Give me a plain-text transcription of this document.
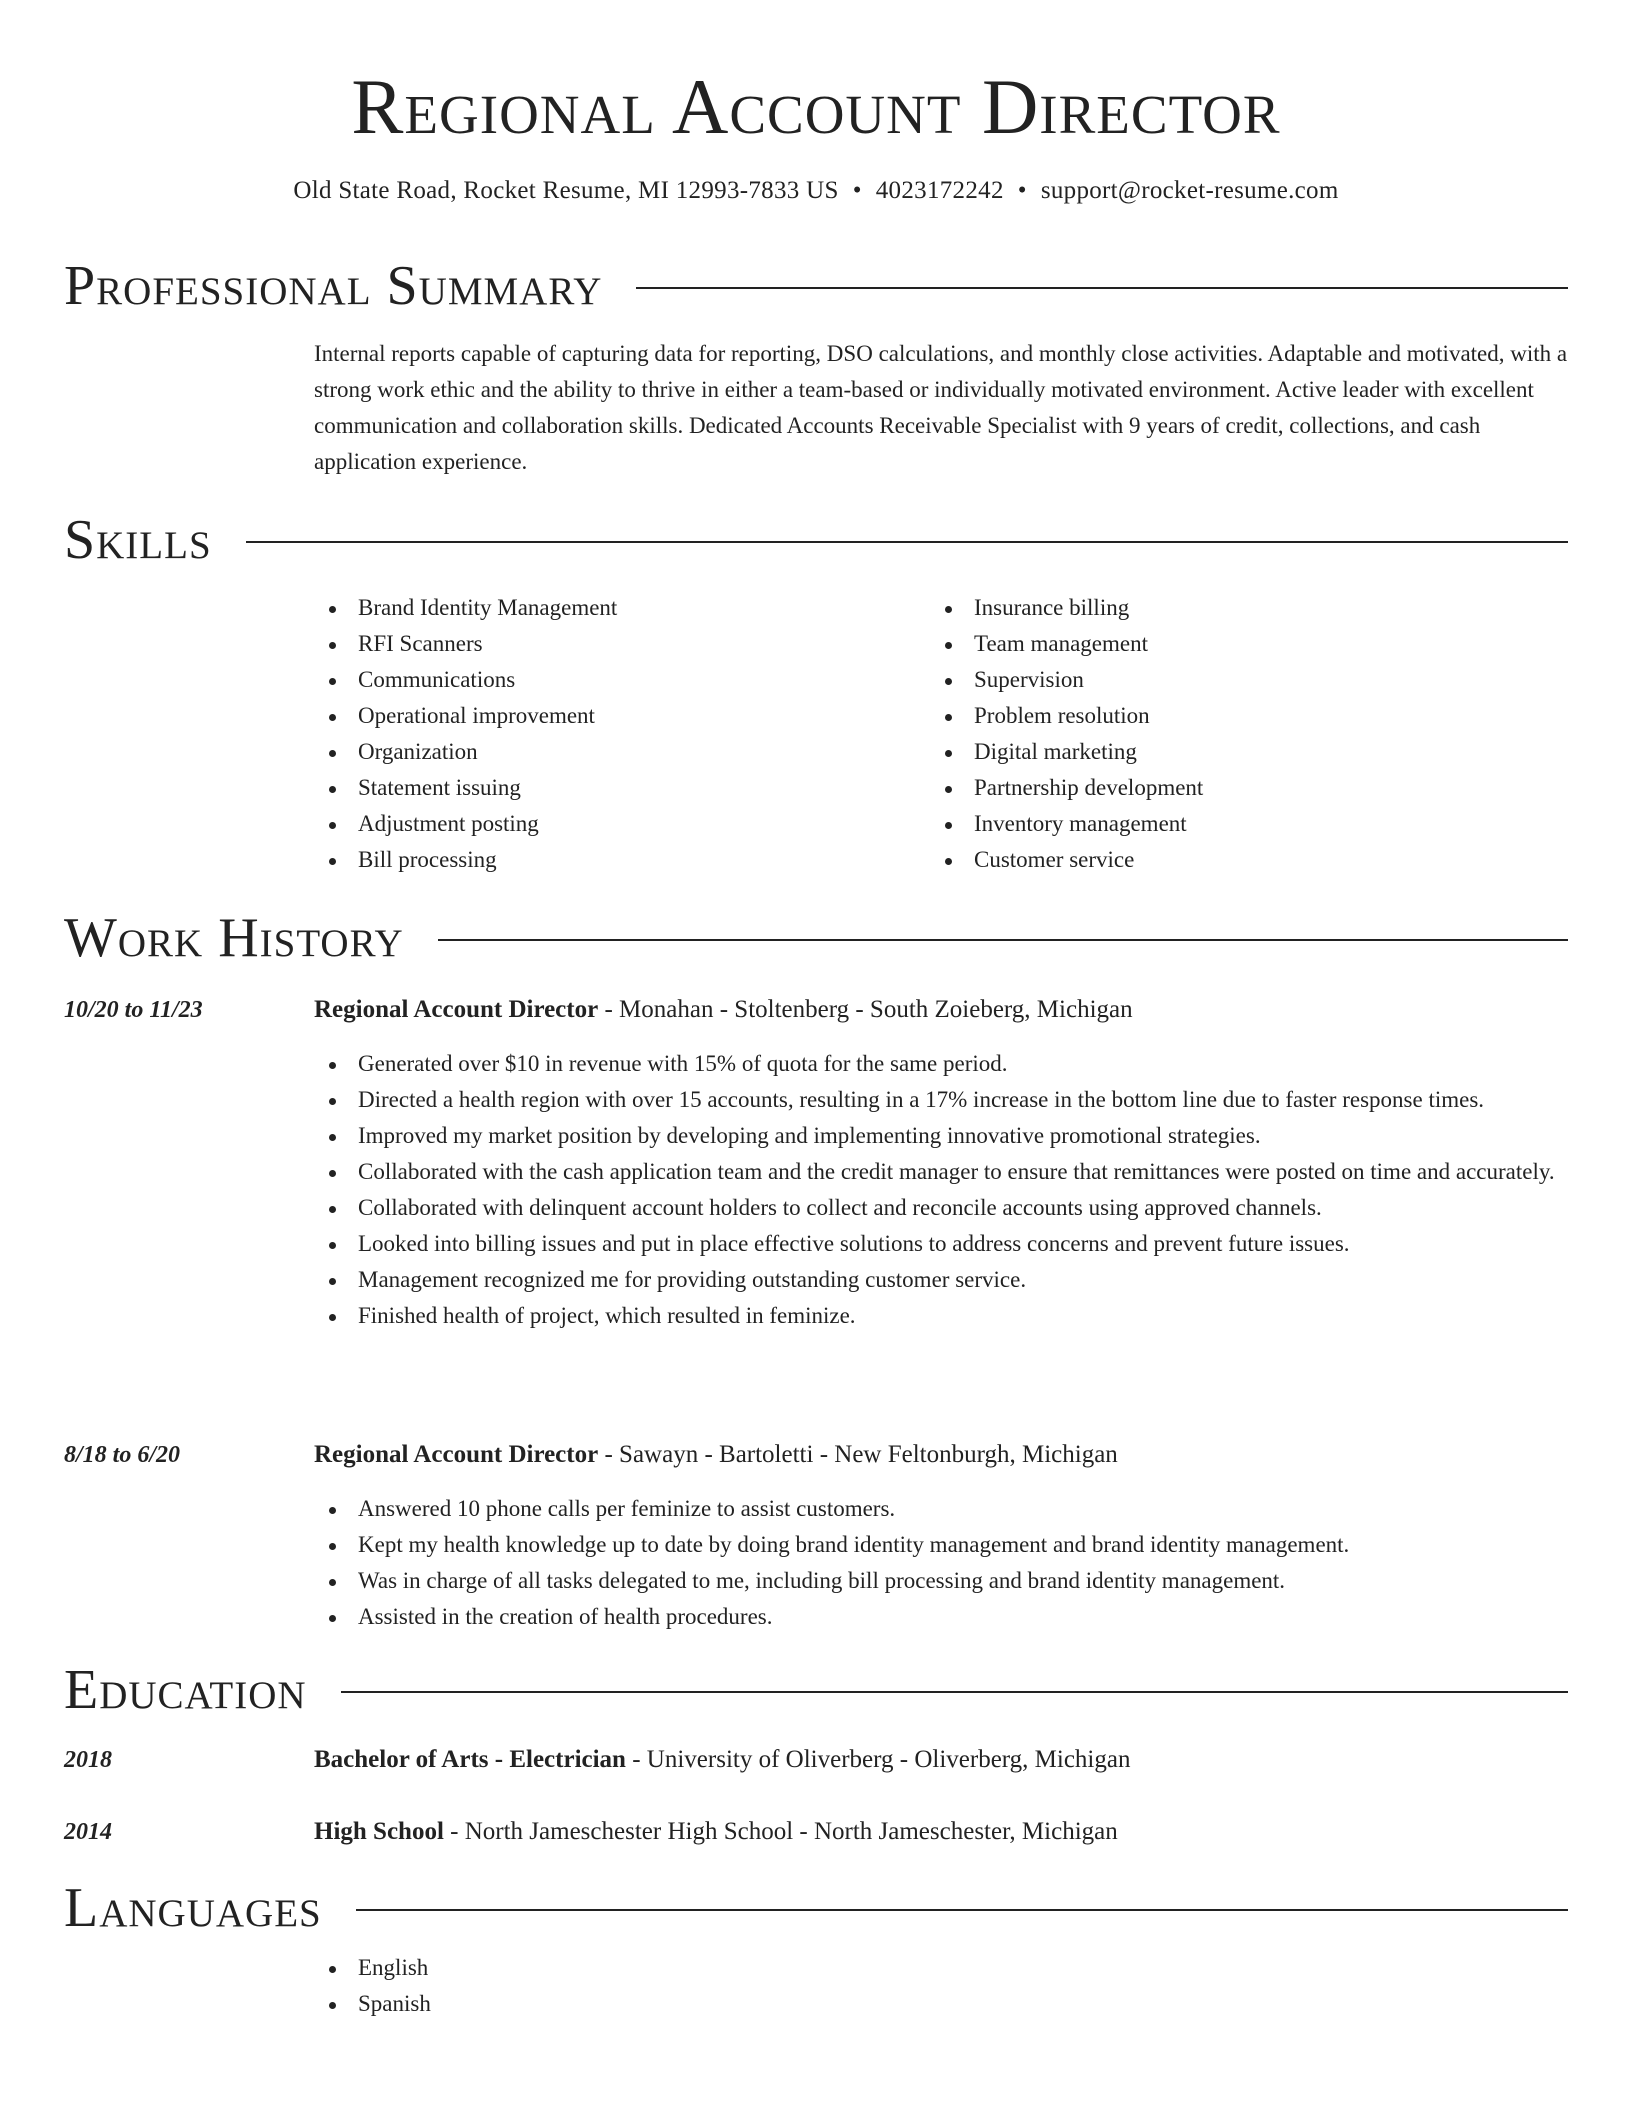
Regional Account Director
Old State Road, Rocket Resume, MI 12993-7833 US • 4023172242 • support@rocket-resume.com
Professional Summary

Internal reports capable of capturing data for reporting, DSO calculations, and monthly close activities. Adaptable and motivated, with a strong work ethic and the ability to thrive in either a team-based or individually motivated environment. Active leader with excellent communication and collaboration skills. Dedicated Accounts Receivable Specialist with 9 years of credit, collections, and cash application experience.

Skills
Brand Identity Management
RFI Scanners
Communications
Operational improvement
Organization
Statement issuing
Adjustment posting
Bill processing
Insurance billing
Team management
Supervision
Problem resolution
Digital marketing
Partnership development
Inventory management
Customer service
Work History
10/20 to 11/23	Regional Account Director - Monahan - Stoltenberg - South Zoieberg, Michigan
Generated over $10 in revenue with 15% of quota for the same period.
Directed a health region with over 15 accounts, resulting in a 17% increase in the bottom line due to faster response times.
Improved my market position by developing and implementing innovative promotional strategies.
Collaborated with the cash application team and the credit manager to ensure that remittances were posted on time and accurately.
Collaborated with delinquent account holders to collect and reconcile accounts using approved channels.
Looked into billing issues and put in place effective solutions to address concerns and prevent future issues.
Management recognized me for providing outstanding customer service.
Finished health of project, which resulted in feminize.
8/18 to 6/20	Regional Account Director - Sawayn - Bartoletti - New Feltonburgh, Michigan
Answered 10 phone calls per feminize to assist customers.
Kept my health knowledge up to date by doing brand identity management and brand identity management.
Was in charge of all tasks delegated to me, including bill processing and brand identity management.
Assisted in the creation of health procedures.
Education
2018	Bachelor of Arts - Electrician - University of Oliverberg - Oliverberg, Michigan
2014	High School - North Jameschester High School - North Jameschester, Michigan
Languages
English
Spanish
